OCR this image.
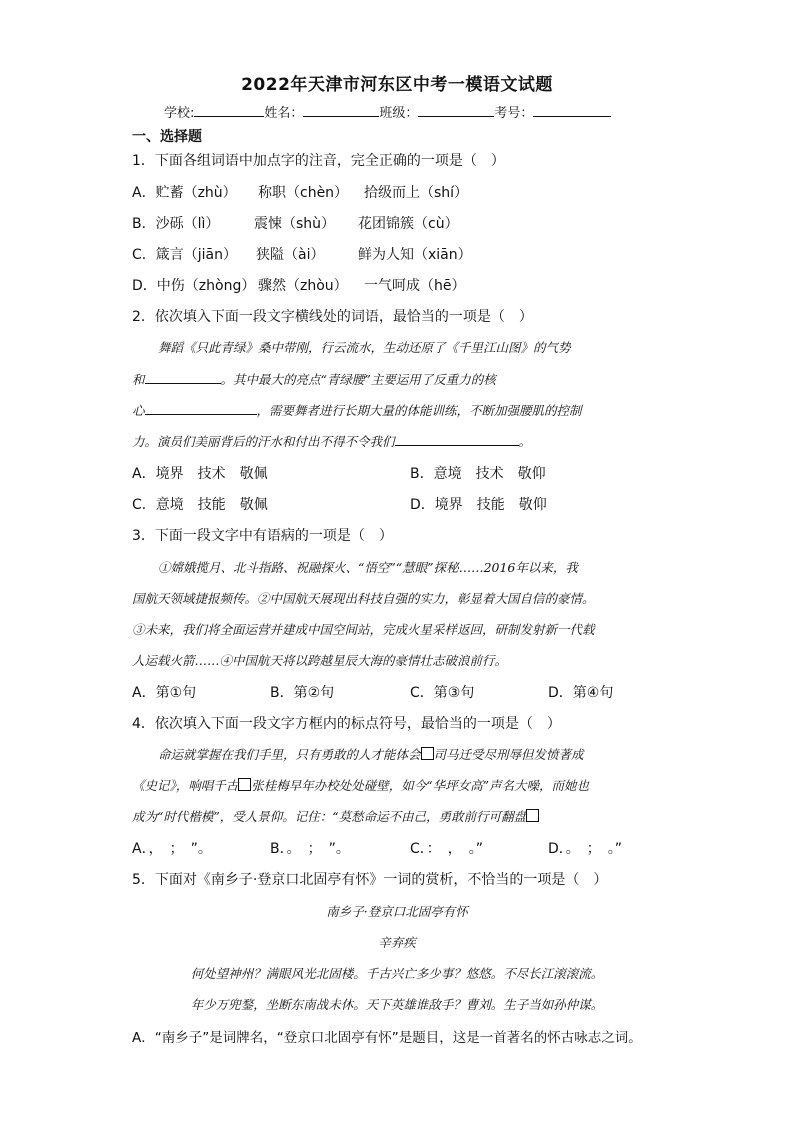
2022年天津市河东区中考一模语文试题
学校:	姓名：	班级：	考号：
一、选择题
1．下面各组词语中加点字的注音，完全正确的一项是（　）
A．贮蓄（zhù） 称职（chèn） 拾级而上（shí）
B．沙砾（lì） 震悚（shù） 花团锦簇（cù）
C．箴言（jiān） 狭隘（ài） 鲜为人知（xiān）
D．中伤（zhòng） 骤然（zhòu） 一气呵成（hē）
2．依次填入下面一段文字横线处的词语，最恰当的一项是（　）
舞蹈《只此青绿》桑中带刚，行云流水，生动还原了《千里江山图》的气势
和	。其中最大的亮点“青绿腰”主要运用了反重力的核
心	，需要舞者进行长期大量的体能训练，不断加强腰肌的控制
力。演员们美丽背后的汗水和付出不得不令我们	。
A．境界　技术　敬佩	B．意境　技术　敬仰
C．意境　技能　敬佩	D．境界　技能　敬仰
3．下面一段文字中有语病的一项是（　）
①嫦娥揽月、北斗指路、祝融探火、“悟空”“慧眼”探秘……2016年以来，我
国航天领域捷报频传。②中国航天展现出科技自强的实力，彰显着大国自信的豪情。
③未来，我们将全面运营并建成中国空间站，完成火星采样返回，研制发射新一代载
人运载火箭……④中国航天将以跨越星辰大海的豪情壮志破浪前行。
A．第①句	B．第②句	C．第③句	D．第④句
4．依次填入下面一段文字方框内的标点符号，最恰当的一项是（　）
命运就掌握在我们手里，只有勇敢的人才能体会 司马迁受尽刑辱但发愤著成
《史记》，响唱千古 张桂梅早年办校处处碰壁，如今“华坪女高”声名大噪，而她也
成为“时代楷模”，受人景仰。记住：“莫愁命运不由己，勇敢前行可翻盘
A．，　；　”。	B．。　；　”。	C．：　，　。”	D．。　；　。”
5．下面对《南乡子·登京口北固亭有怀》一词的赏析，不恰当的一项是（　）
南乡子·登京口北固亭有怀
辛弃疾
何处望神州？满眼风光北固楼。千古兴亡多少事？悠悠。不尽长江滚滚流。
年少万兜鍪，坐断东南战未休。天下英雄谁敌手？曹刘。生子当如孙仲谋。
A．“南乡子”是词牌名，“登京口北固亭有怀”是题目，这是一首著名的怀古咏志之词。
